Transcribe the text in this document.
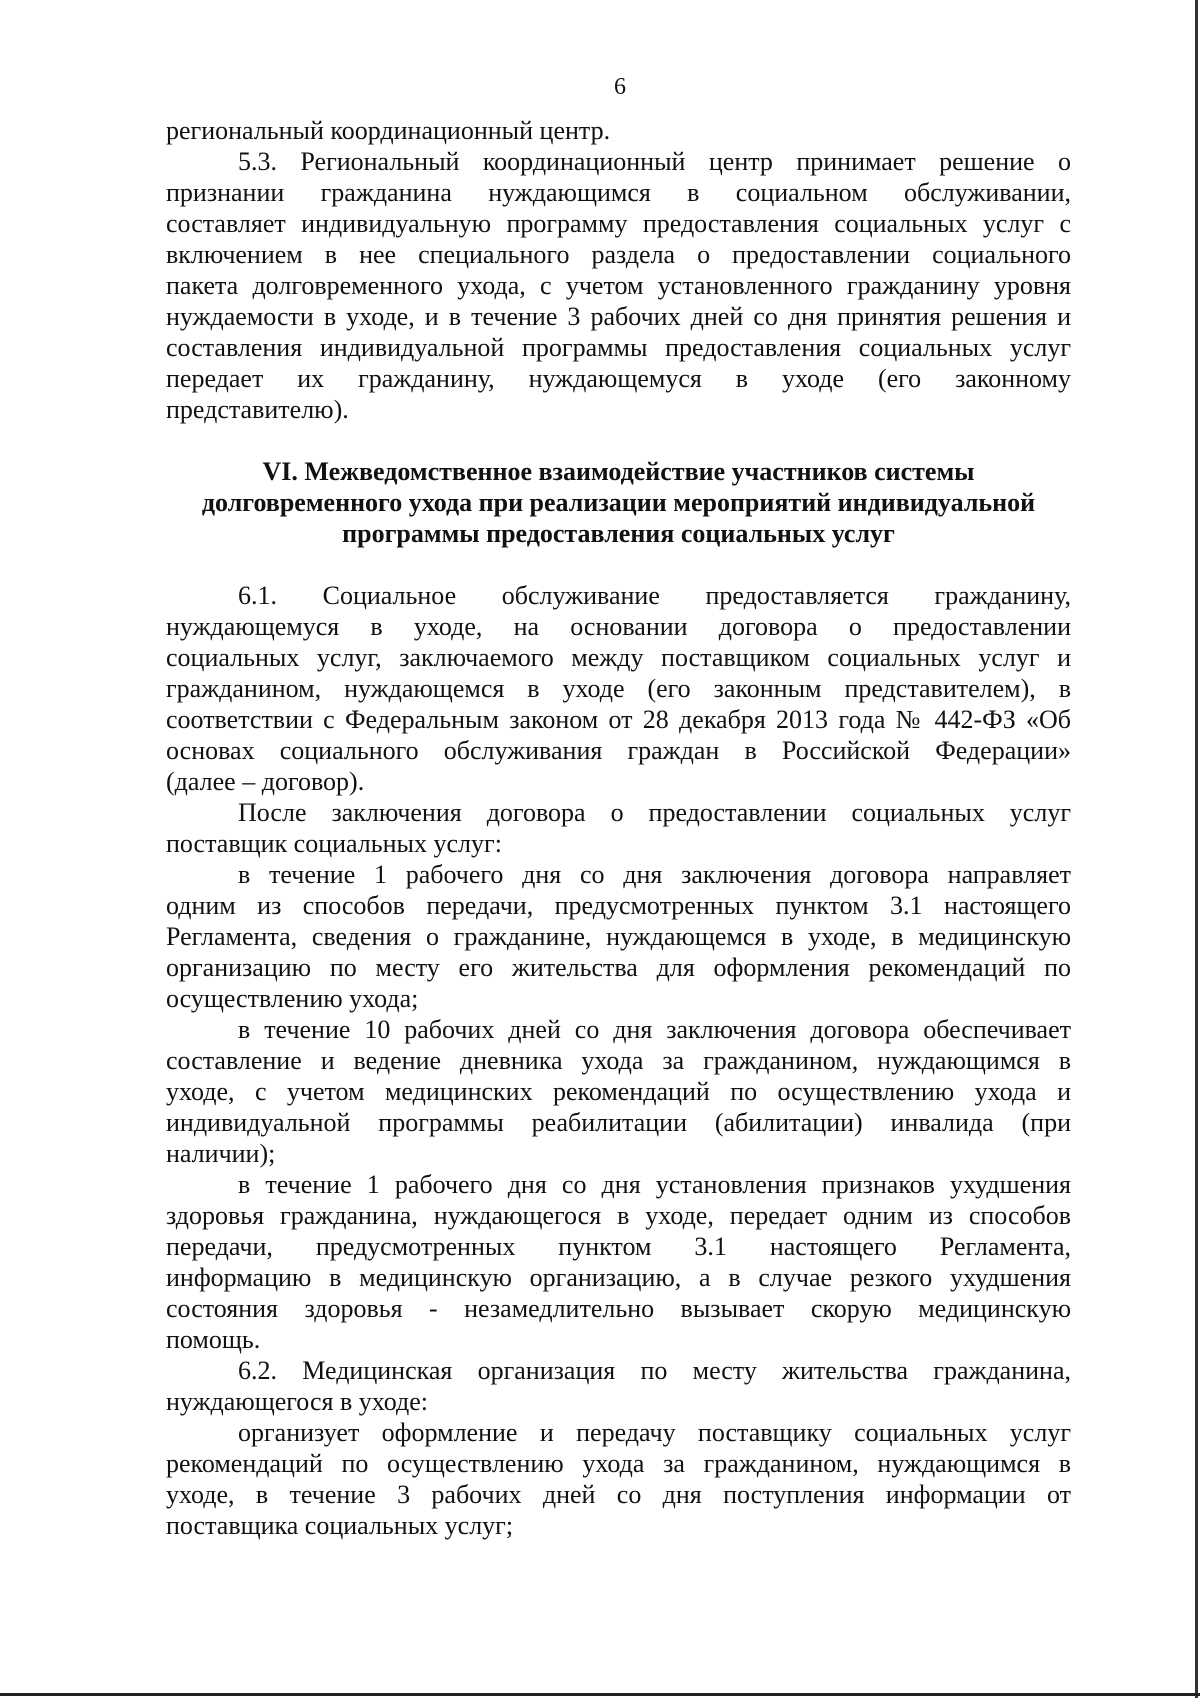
6
региональный координационный центр.
5.3. Региональный координационный центр принимает решение о
признании гражданина нуждающимся в социальном обслуживании,
составляет индивидуальную программу предоставления социальных услуг с
включением в нее специального раздела о предоставлении социального
пакета долговременного ухода, с учетом установленного гражданину уровня
нуждаемости в уходе, и в течение 3 рабочих дней со дня принятия решения и
составления индивидуальной программы предоставления социальных услуг
передает их гражданину, нуждающемуся в уходе (его законному
представителю).
VI. Межведомственное взаимодействие участников системы
долговременного ухода при реализации мероприятий индивидуальной
программы предоставления социальных услуг
6.1. Социальное обслуживание предоставляется гражданину,
нуждающемуся в уходе, на основании договора о предоставлении
социальных услуг, заключаемого между поставщиком социальных услуг и
гражданином, нуждающемся в уходе (его законным представителем), в
соответствии с Федеральным законом от 28 декабря 2013 года № 442-ФЗ «Об
основах социального обслуживания граждан в Российской Федерации»
(далее – договор).
После заключения договора о предоставлении социальных услуг
поставщик социальных услуг:
в течение 1 рабочего дня со дня заключения договора направляет
одним из способов передачи, предусмотренных пунктом 3.1 настоящего
Регламента, сведения о гражданине, нуждающемся в уходе, в медицинскую
организацию по месту его жительства для оформления рекомендаций по
осуществлению ухода;
в течение 10 рабочих дней со дня заключения договора обеспечивает
составление и ведение дневника ухода за гражданином, нуждающимся в
уходе, с учетом медицинских рекомендаций по осуществлению ухода и
индивидуальной программы реабилитации (абилитации) инвалида (при
наличии);
в течение 1 рабочего дня со дня установления признаков ухудшения
здоровья гражданина, нуждающегося в уходе, передает одним из способов
передачи, предусмотренных пунктом 3.1 настоящего Регламента,
информацию в медицинскую организацию, а в случае резкого ухудшения
состояния здоровья - незамедлительно вызывает скорую медицинскую
помощь.
6.2. Медицинская организация по месту жительства гражданина,
нуждающегося в уходе:
организует оформление и передачу поставщику социальных услуг
рекомендаций по осуществлению ухода за гражданином, нуждающимся в
уходе, в течение 3 рабочих дней со дня поступления информации от
поставщика социальных услуг;
